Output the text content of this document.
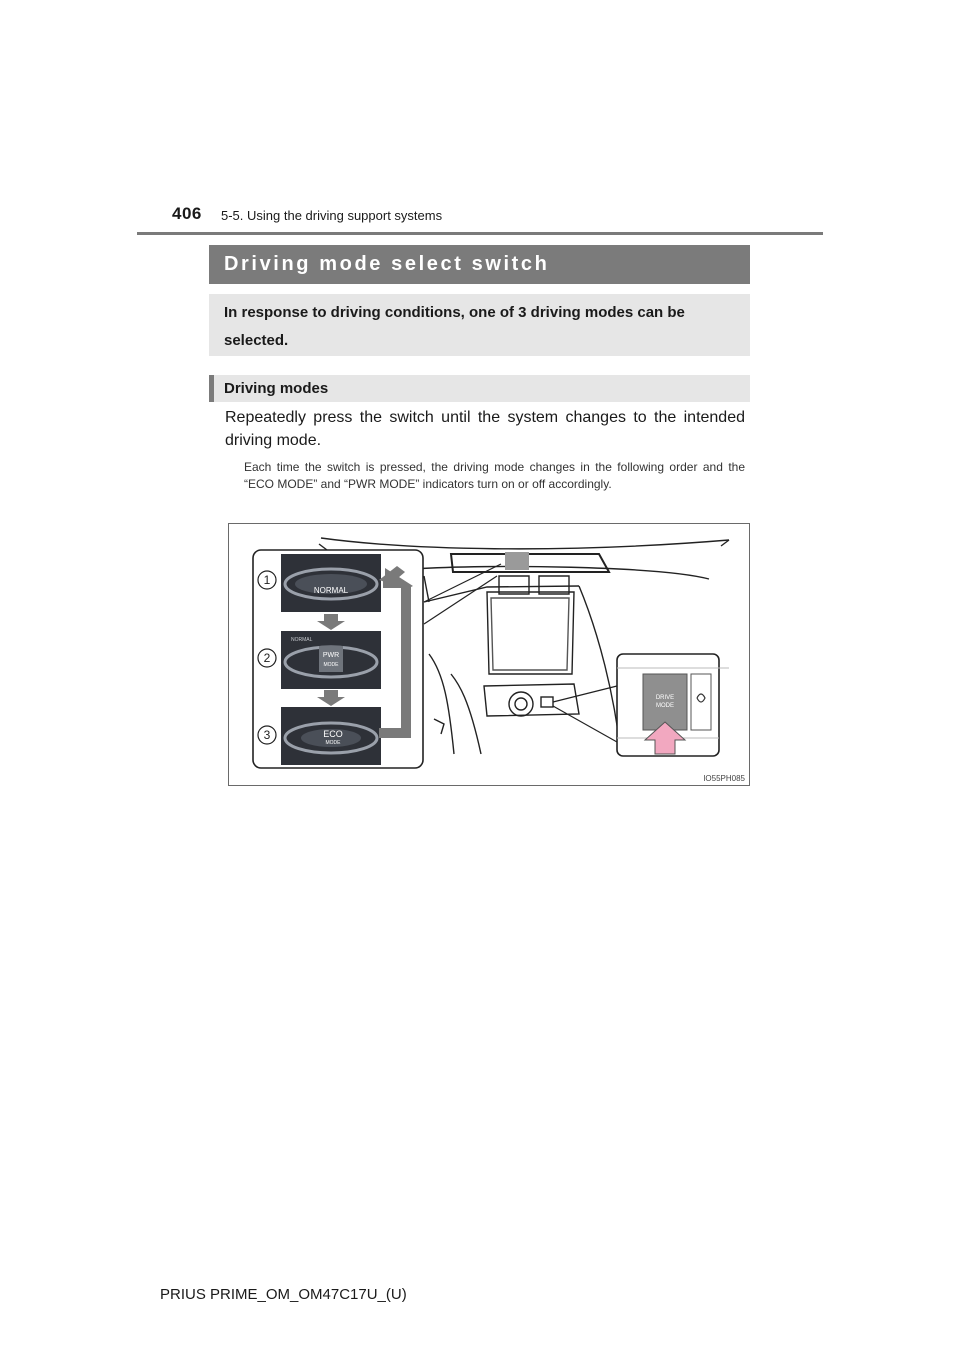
406 5-5. Using the driving support systems
Driving mode select switch
In response to driving conditions, one of 3 driving modes can be selected.
Driving modes
Repeatedly press the switch until the system changes to the intended driving mode.
Each time the switch is pressed, the driving mode changes in the following order and the “ECO MODE” and “PWR MODE” indicators turn on or off accordingly.
NORMAL
PWR
MODE
NORMAL
ECO
MODE
1
2
3
DRIVE
MODE
IO55PH085
PRIUS PRIME_OM_OM47C17U_(U)
